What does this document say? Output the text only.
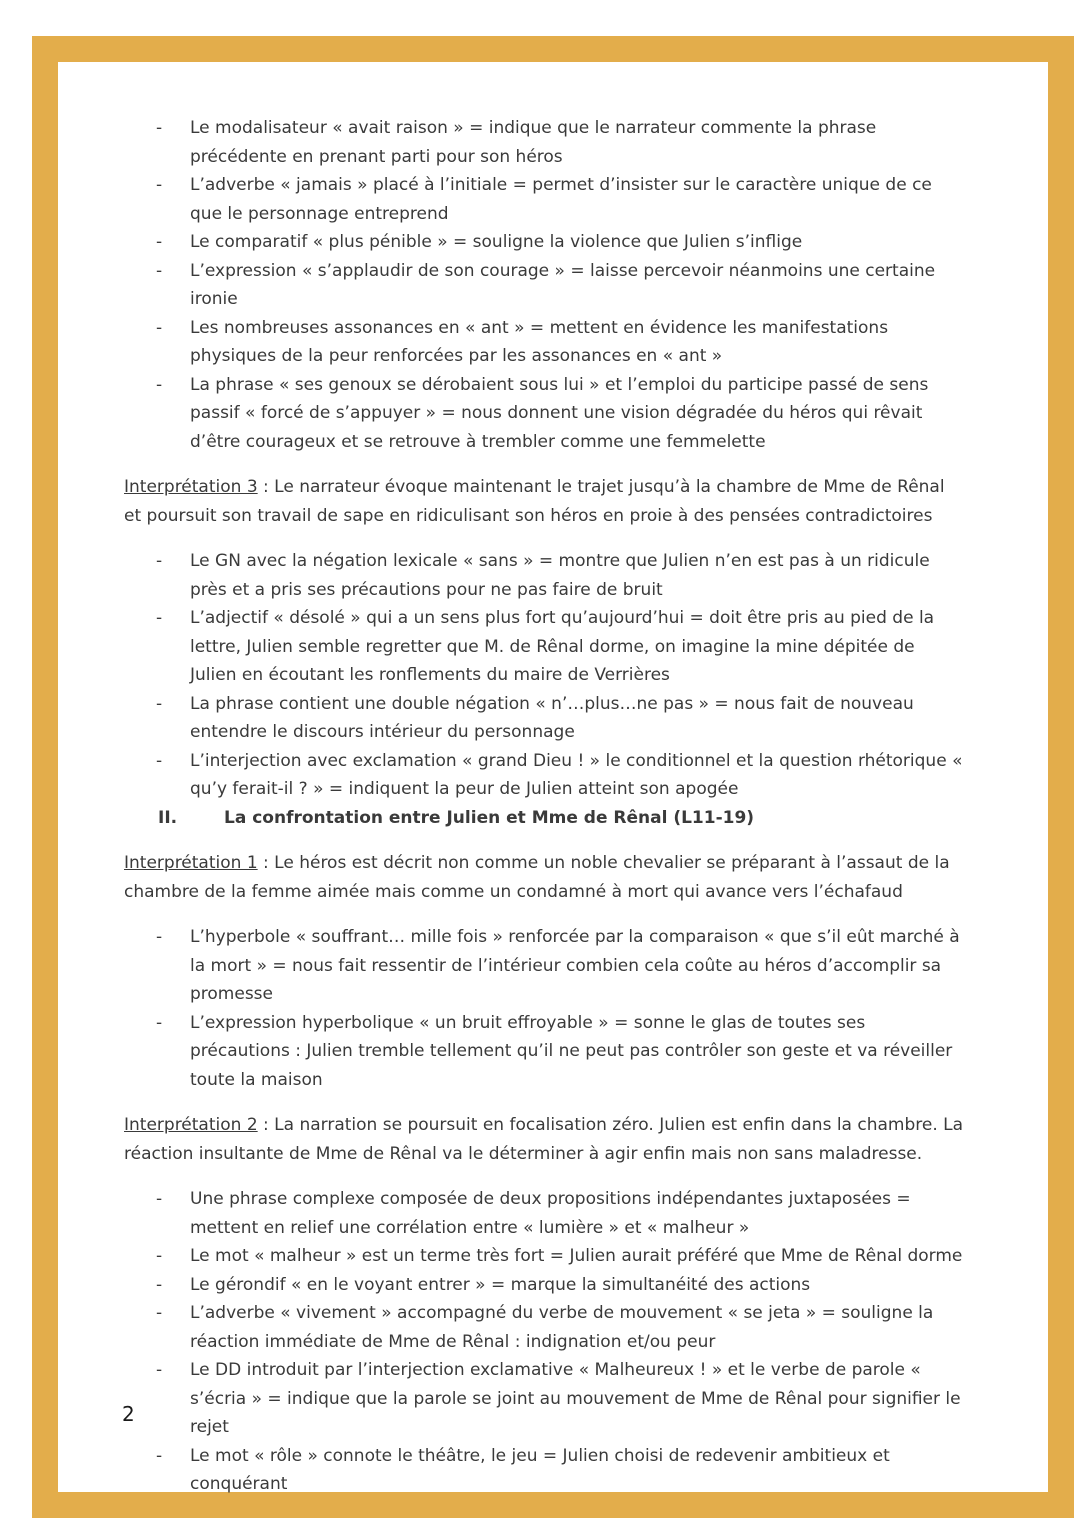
- Le modalisateur « avait raison » = indique que le narrateur commente la phrase précédente en prenant parti pour son héros
- L’adverbe « jamais » placé à l’initiale = permet d’insister sur le caractère unique de ce que le personnage entreprend
- Le comparatif « plus pénible » = souligne la violence que Julien s’inflige
- L’expression « s’applaudir de son courage » = laisse percevoir néanmoins une certaine ironie
- Les nombreuses assonances en « ant » = mettent en évidence les manifestations physiques de la peur renforcées par les assonances en « ant »
- La phrase « ses genoux se dérobaient sous lui » et l’emploi du participe passé de sens passif « forcé de s’appuyer » = nous donnent une vision dégradée du héros qui rêvait d’être courageux et se retrouve à trembler comme une femmelette

Interprétation 3 : Le narrateur évoque maintenant le trajet jusqu’à la chambre de Mme de Rênal et poursuit son travail de sape en ridiculisant son héros en proie à des pensées contradictoires

- Le GN avec la négation lexicale « sans » = montre que Julien n’en est pas à un ridicule près et a pris ses précautions pour ne pas faire de bruit
- L’adjectif « désolé » qui a un sens plus fort qu’aujourd’hui = doit être pris au pied de la lettre, Julien semble regretter que M. de Rênal dorme, on imagine la mine dépitée de Julien en écoutant les ronflements du maire de Verrières
- La phrase contient une double négation « n’…plus…ne pas » = nous fait de nouveau entendre le discours intérieur du personnage
- L’interjection avec exclamation « grand Dieu ! » le conditionnel et la question rhétorique « qu’y ferait-il ? » = indiquent la peur de Julien atteint son apogée
II.	La confrontation entre Julien et Mme de Rênal (L11-19)

Interprétation 1 : Le héros est décrit non comme un noble chevalier se préparant à l’assaut de la chambre de la femme aimée mais comme un condamné à mort qui avance vers l’échafaud

- L’hyperbole « souffrant… mille fois » renforcée par la comparaison « que s’il eût marché à la mort » = nous fait ressentir de l’intérieur combien cela coûte au héros d’accomplir sa promesse
- L’expression hyperbolique « un bruit effroyable » = sonne le glas de toutes ses précautions : Julien tremble tellement qu’il ne peut pas contrôler son geste et va réveiller toute la maison

Interprétation 2 : La narration se poursuit en focalisation zéro. Julien est enfin dans la chambre. La réaction insultante de Mme de Rênal va le déterminer à agir enfin mais non sans maladresse.

- Une phrase complexe composée de deux propositions indépendantes juxtaposées = mettent en relief une corrélation entre « lumière » et « malheur »
- Le mot « malheur » est un terme très fort = Julien aurait préféré que Mme de Rênal dorme
- Le gérondif « en le voyant entrer » = marque la simultanéité des actions
- L’adverbe « vivement » accompagné du verbe de mouvement « se jeta » = souligne la réaction immédiate de Mme de Rênal : indignation et/ou peur
- Le DD introduit par l’interjection exclamative « Malheureux ! » et le verbe de parole « s’écria » = indique que la parole se joint au mouvement de Mme de Rênal pour signifier le rejet
- Le mot « rôle » connote le théâtre, le jeu = Julien choisi de redevenir ambitieux et conquérant
2
